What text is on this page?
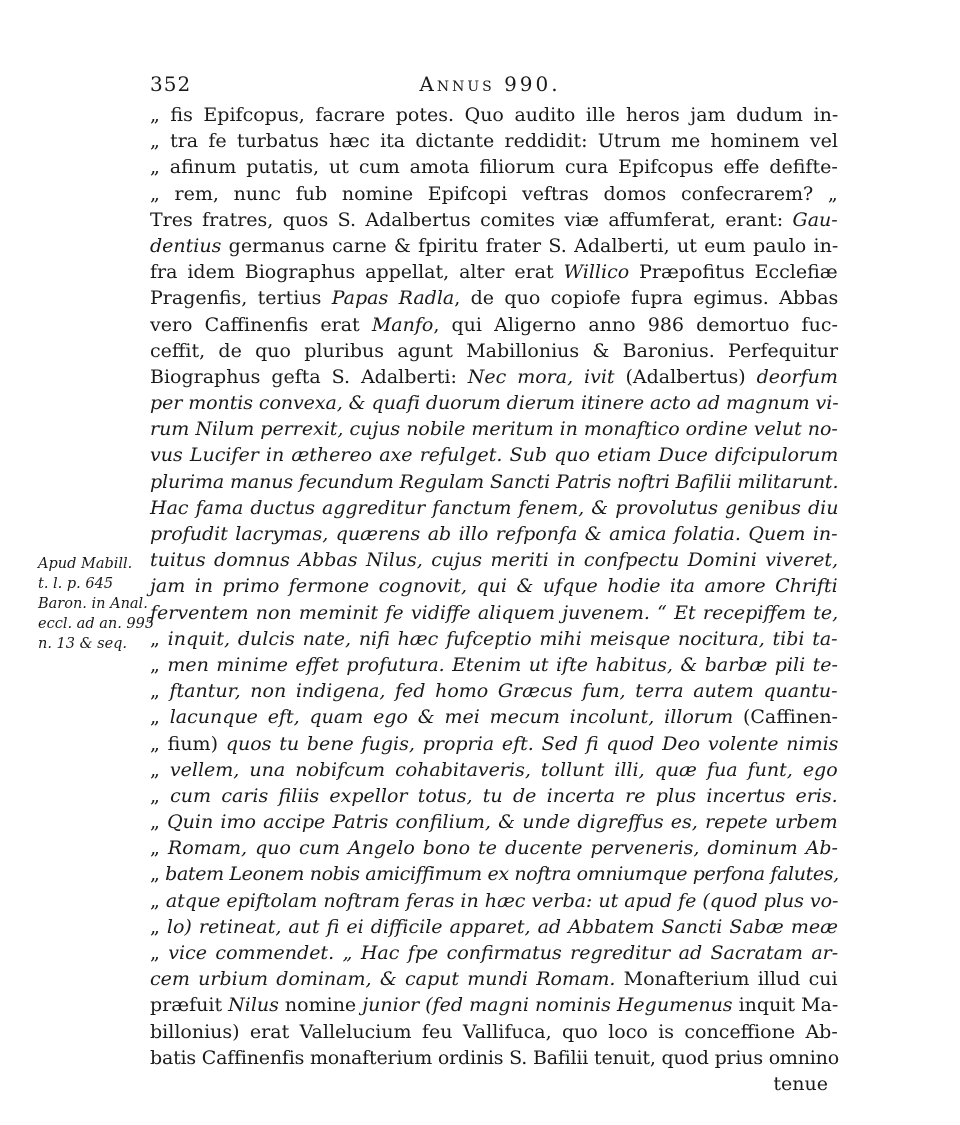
352	Annus 990.
Apud Mabill.
t. l. p. 645
Baron. in Anal.
eccl. ad an. 995
n. 13 & seq.
„ fis Epifcopus, facrare potes. Quo audito ille heros jam dudum in-
„ tra fe turbatus hæc ita dictante reddidit: Utrum me hominem vel
„ afinum putatis, ut cum amota filiorum cura Epifcopus effe defifte-
„ rem, nunc fub nomine Epifcopi veftras domos confecrarem? „
Tres fratres, quos S. Adalbertus comites viæ affumferat, erant: Gau-
dentius germanus carne & fpiritu frater S. Adalberti, ut eum paulo in-
fra idem Biographus appellat, alter erat Willico Præpofitus Ecclefiæ
Pragenfis, tertius Papas Radla, de quo copiofe fupra egimus. Abbas
vero Caffinenfis erat Manfo, qui Aligerno anno 986 demortuo fuc-
ceffit, de quo pluribus agunt Mabillonius & Baronius. Perfequitur
Biographus gefta S. Adalberti: Nec mora, ivit (Adalbertus) deorfum
per montis convexa, & quafi duorum dierum itinere acto ad magnum vi-
rum Nilum perrexit, cujus nobile meritum in monaftico ordine velut no-
vus Lucifer in æthereo axe refulget. Sub quo etiam Duce difcipulorum
plurima manus fecundum Regulam Sancti Patris noftri Bafilii militarunt.
Hac fama ductus aggreditur fanctum fenem, & provolutus genibus diu
profudit lacrymas, quærens ab illo refponfa & amica folatia. Quem in-
tuitus domnus Abbas Nilus, cujus meriti in confpectu Domini viveret,
jam in primo fermone cognovit, qui & ufque hodie ita amore Chrifti
ferventem non meminit fe vidiffe aliquem juvenem. “ Et recepiffem te,
„ inquit, dulcis nate, nifi hæc fufceptio mihi meisque nocitura, tibi ta-
„ men minime effet profutura. Etenim ut ifte habitus, & barbæ pili te-
„ ftantur, non indigena, fed homo Græcus fum, terra autem quantu-
„ lacunque eft, quam ego & mei mecum incolunt, illorum (Caffinen-
„ fium) quos tu bene fugis, propria eft. Sed fi quod Deo volente nimis
„ vellem, una nobifcum cohabitaveris, tollunt illi, quæ fua funt, ego
„ cum caris filiis expellor totus, tu de incerta re plus incertus eris.
„ Quin imo accipe Patris confilium, & unde digreffus es, repete urbem
„ Romam, quo cum Angelo bono te ducente perveneris, dominum Ab-
„ batem Leonem nobis amiciffimum ex noftra omniumque perfona falutes,
„ atque epiftolam noftram feras in hæc verba: ut apud fe (quod plus vo-
„ lo) retineat, aut fi ei difficile apparet, ad Abbatem Sancti Sabæ meæ
„ vice commendet. „ Hac fpe confirmatus regreditur ad Sacratam ar-
cem urbium dominam, & caput mundi Romam. Monafterium illud cui
præfuit Nilus nomine junior (fed magni nominis Hegumenus inquit Ma-
billonius) erat Vallelucium feu Vallifuca, quo loco is conceffione Ab-
batis Caffinenfis monafterium ordinis S. Bafilii tenuit, quod prius omnino
tenue
